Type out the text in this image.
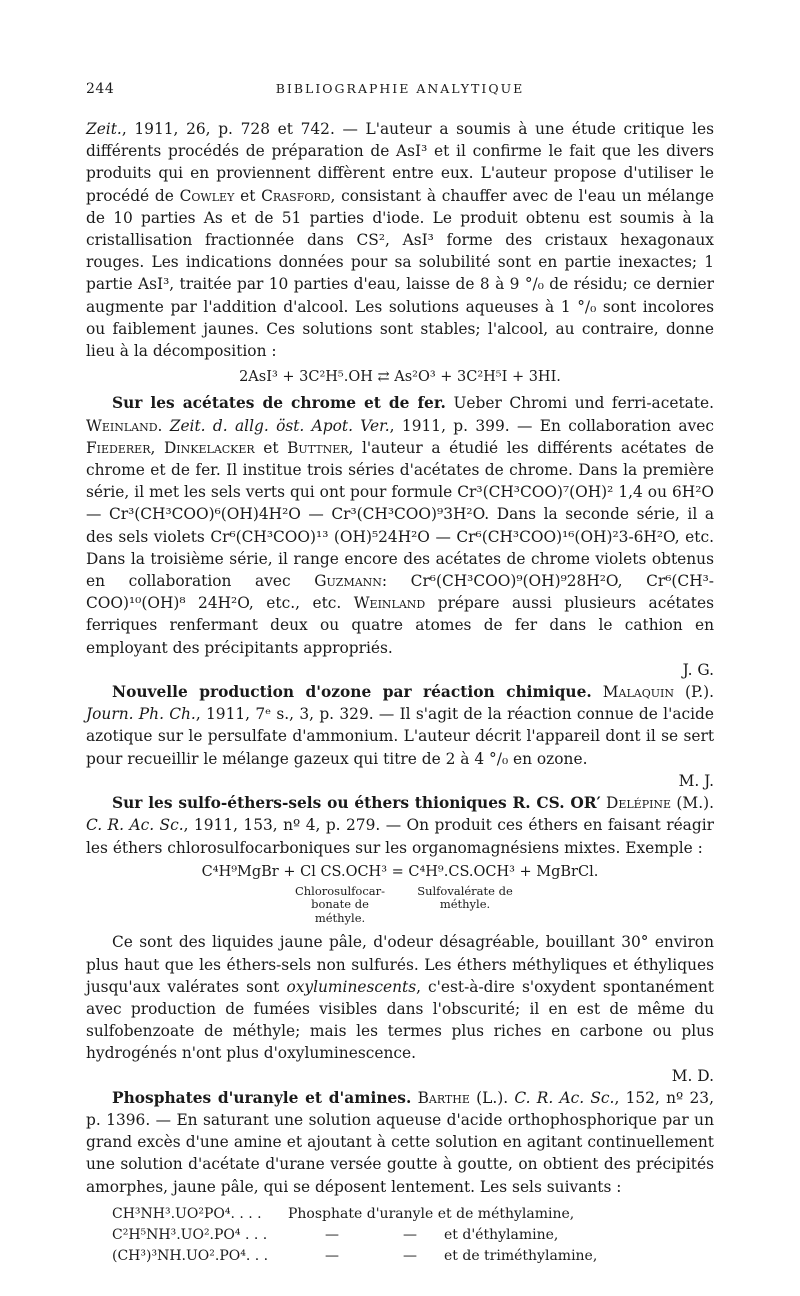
244	BIBLIOGRAPHIE ANALYTIQUE

Zeit., 1911, 26, p. 728 et 742. — L'auteur a soumis à une étude critique les différents procédés de préparation de AsI³ et il confirme le fait que les divers produits qui en proviennent diffèrent entre eux. L'auteur propose d'utiliser le procédé de Cowley et Crasford, consistant à chauffer avec de l'eau un mélange de 10 parties As et de 51 parties d'iode. Le produit obtenu est soumis à la cristallisation fractionnée dans CS², AsI³ forme des cristaux hexagonaux rouges. Les indications données pour sa solubilité sont en partie inexactes; 1 partie AsI³, traitée par 10 parties d'eau, laisse de 8 à 9 °/₀ de résidu; ce dernier augmente par l'addition d'alcool. Les solutions aqueuses à 1 °/₀ sont incolores ou faiblement jaunes. Ces solutions sont stables; l'alcool, au contraire, donne lieu à la décomposition :

2AsI³ + 3C²H⁵.OH ⇄ As²O³ + 3C²H⁵I + 3HI.

Sur les acétates de chrome et de fer. Ueber Chromi und ferri-acetate. Weinland. Zeit. d. allg. öst. Apot. Ver., 1911, p. 399. — En collaboration avec Fiederer, Dinkelacker et Buttner, l'auteur a étudié les différents acétates de chrome et de fer. Il institue trois séries d'acétates de chrome. Dans la première série, il met les sels verts qui ont pour formule Cr³(CH³COO)⁷(OH)² 1,4 ou 6H²O — Cr³(CH³COO)⁶(OH)4H²O — Cr³(CH³COO)⁹3H²O. Dans la seconde série, il a des sels violets Cr⁶(CH³COO)¹³ (OH)⁵24H²O — Cr⁶(CH³COO)¹⁶(OH)²3-6H²O, etc. Dans la troisième série, il range encore des acétates de chrome violets obtenus en collaboration avec Guzmann: Cr⁶(CH³COO)⁹(OH)⁹28H²O, Cr⁶(CH³-COO)¹⁰(OH)⁸ 24H²O, etc., etc. Weinland prépare aussi plusieurs acétates ferriques renfermant deux ou quatre atomes de fer dans le cathion en employant des précipitants appropriés.

J. G.

Nouvelle production d'ozone par réaction chimique. Malaquin (P.). Journ. Ph. Ch., 1911, 7ᵉ s., 3, p. 329. — Il s'agit de la réaction connue de l'acide azotique sur le persulfate d'ammonium. L'auteur décrit l'appareil dont il se sert pour recueillir le mélange gazeux qui titre de 2 à 4 °/₀ en ozone.

M. J.

Sur les sulfo-éthers-sels ou éthers thioniques R. CS. OR′ Delépine (M.). C. R. Ac. Sc., 1911, 153, nº 4, p. 279. — On produit ces éthers en faisant réagir les éthers chlorosulfocarboniques sur les organomagnésiens mixtes. Exemple :

C⁴H⁹MgBr + Cl CS.OCH³ = C⁴H⁹.CS.OCH³ + MgBrCl.
Chlorosulfocar- bonate de méthyle.
Sulfovalérate de méthyle.

Ce sont des liquides jaune pâle, d'odeur désagréable, bouillant 30° environ plus haut que les éthers-sels non sulfurés. Les éthers méthyliques et éthyliques jusqu'aux valérates sont oxyluminescents, c'est-à-dire s'oxydent spontanément avec production de fumées visibles dans l'obscurité; il en est de même du sulfobenzoate de méthyle; mais les termes plus riches en carbone ou plus hydrogénés n'ont plus d'oxyluminescence.

M. D.

Phosphates d'uranyle et d'amines. Barthe (L.). C. R. Ac. Sc., 152, nº 23, p. 1396. — En saturant une solution aqueuse d'acide orthophosphorique par un grand excès d'une amine et ajoutant à cette solution en agitant continuellement une solution d'acétate d'urane versée goutte à goutte, on obtient des précipités amorphes, jaune pâle, qui se déposent lentement. Les sels suivants :

CH³NH³.UO²PO⁴. . . .	Phosphate d'uranyle et de méthylamine,		
C²H⁵NH³.UO².PO⁴ . . .	—	—	et d'éthylamine,
(CH³)³NH.UO².PO⁴. . .	—	—	et de triméthylamine,
